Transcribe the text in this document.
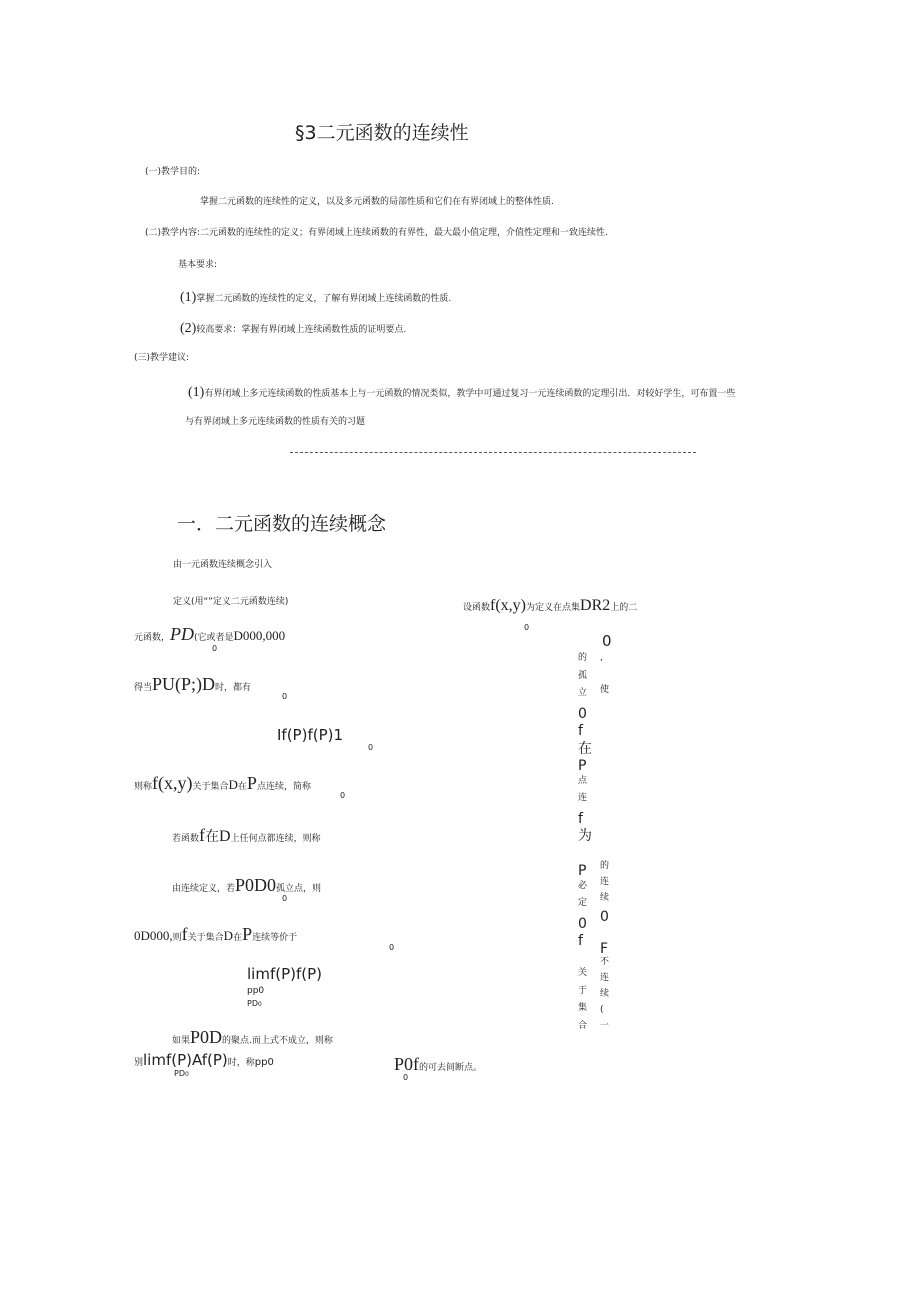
§3二元函数的连续性
(一)教学目的:
掌握二元函数的连续性的定义，以及多元函数的局部性质和它们在有界闭域上的整体性质.
(二)教学内容:二元函数的连续性的定义；有界闭域上连续函数的有界性，最大最小值定理，介值性定理和一致连续性.
基本要求:
(1)掌握二元函数的连续性的定义，了解有界闭域上连续函数的性质.
(2)较高要求：掌握有界闭域上连续函数性质的证明要点.
(三)教学建议:
(1)有界闭域上多元连续函数的性质基本上与一元函数的情况类似，教学中可通过复习一元连续函数的定理引出．对较好学生，可布置一些
与有界闭域上多元连续函数的性质有关的习题
一．二元函数的连续概念
由一元函数连续概念引入
定义(用“”定义二元函数连续)
设函数f(x,y)为定义在点集DR2上的二
0
元函数，PD(它或者是D000,000
0
得当PU(P;)D时，都有
0
If(P)f(P)1
0
则称f(x,y)关于集合D在P点连续，简称
0
若函数f在D上任何点都连续，则称
由连续定义，若P0D0孤立点，则
0
0D000,则f关于集合D在P连续等价于
0
limf(P)f(P)
pp0
PD0
如果P0D的聚点.而上式不成立，则称
别limf(P)Af(P)时，称pp0
PD0
P0f的可去间断点。
0
0
的
孤
立
0
f
在
P
点
连
f
为
P
必
定
0
f
关
于
集
合
,
使
的
连
续
0
F
不
连
续
(
一
